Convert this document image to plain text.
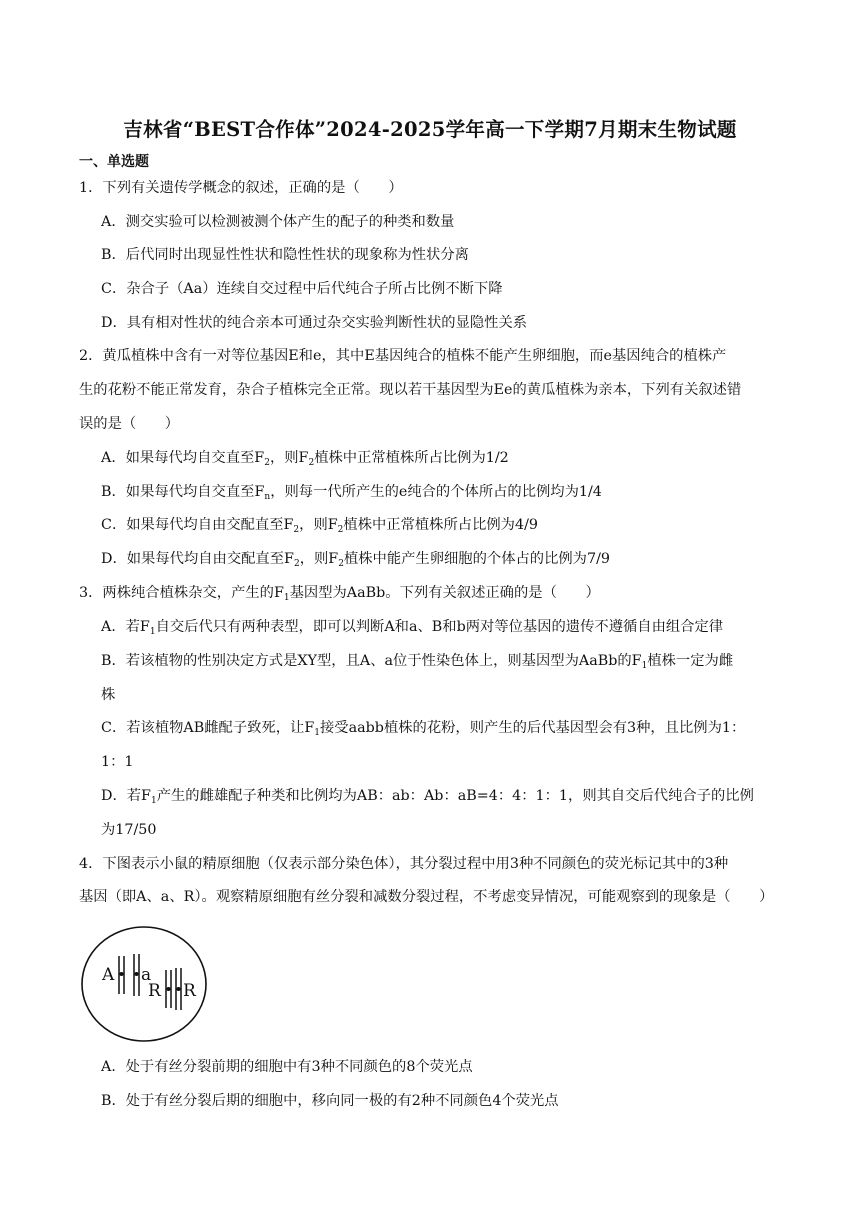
吉林省“BEST合作体”2024-2025学年高一下学期7月期末生物试题
一、单选题
1．下列有关遗传学概念的叙述，正确的是（　　）
A．测交实验可以检测被测个体产生的配子的种类和数量
B．后代同时出现显性性状和隐性性状的现象称为性状分离
C．杂合子（Aa）连续自交过程中后代纯合子所占比例不断下降
D．具有相对性状的纯合亲本可通过杂交实验判断性状的显隐性关系
2．黄瓜植株中含有一对等位基因E和e，其中E基因纯合的植株不能产生卵细胞，而e基因纯合的植株产
生的花粉不能正常发育，杂合子植株完全正常。现以若干基因型为Ee的黄瓜植株为亲本，下列有关叙述错
误的是（　　）
A．如果每代均自交直至$F_2$，则$F_2$植株中正常植株所占比例为1/2
B．如果每代均自交直至$F_n$，则每一代所产生的e纯合的个体所占的比例均为1/4
C．如果每代均自由交配直至$F_2$，则$F_2$植株中正常植株所占比例为4/9
D．如果每代均自由交配直至$F_2$，则$F_2$植株中能产生卵细胞的个体占的比例为7/9
3．两株纯合植株杂交，产生的$F_1$基因型为AaBb。下列有关叙述正确的是（　　）
A．若$F_1$自交后代只有两种表型，即可以判断A和a、B和b两对等位基因的遗传不遵循自由组合定律
B．若该植物的性别决定方式是XY型，且A、a位于性染色体上，则基因型为AaBb的$F_1$植株一定为雌
株
C．若该植物AB雌配子致死，让$F_1$接受aabb植株的花粉，则产生的后代基因型会有3种，且比例为1：
1：1
D．若$F_1$产生的雌雄配子种类和比例均为AB：ab：Ab：aB=4：4：1：1，则其自交后代纯合子的比例
为17/50
4．下图表示小鼠的精原细胞（仅表示部分染色体），其分裂过程中用3种不同颜色的荧光标记其中的3种
基因（即A、a、R）。观察精原细胞有丝分裂和减数分裂过程，不考虑变异情况，可能观察到的现象是（　　）
A a
R R
A．处于有丝分裂前期的细胞中有3种不同颜色的8个荧光点
B．处于有丝分裂后期的细胞中，移向同一极的有2种不同颜色4个荧光点
